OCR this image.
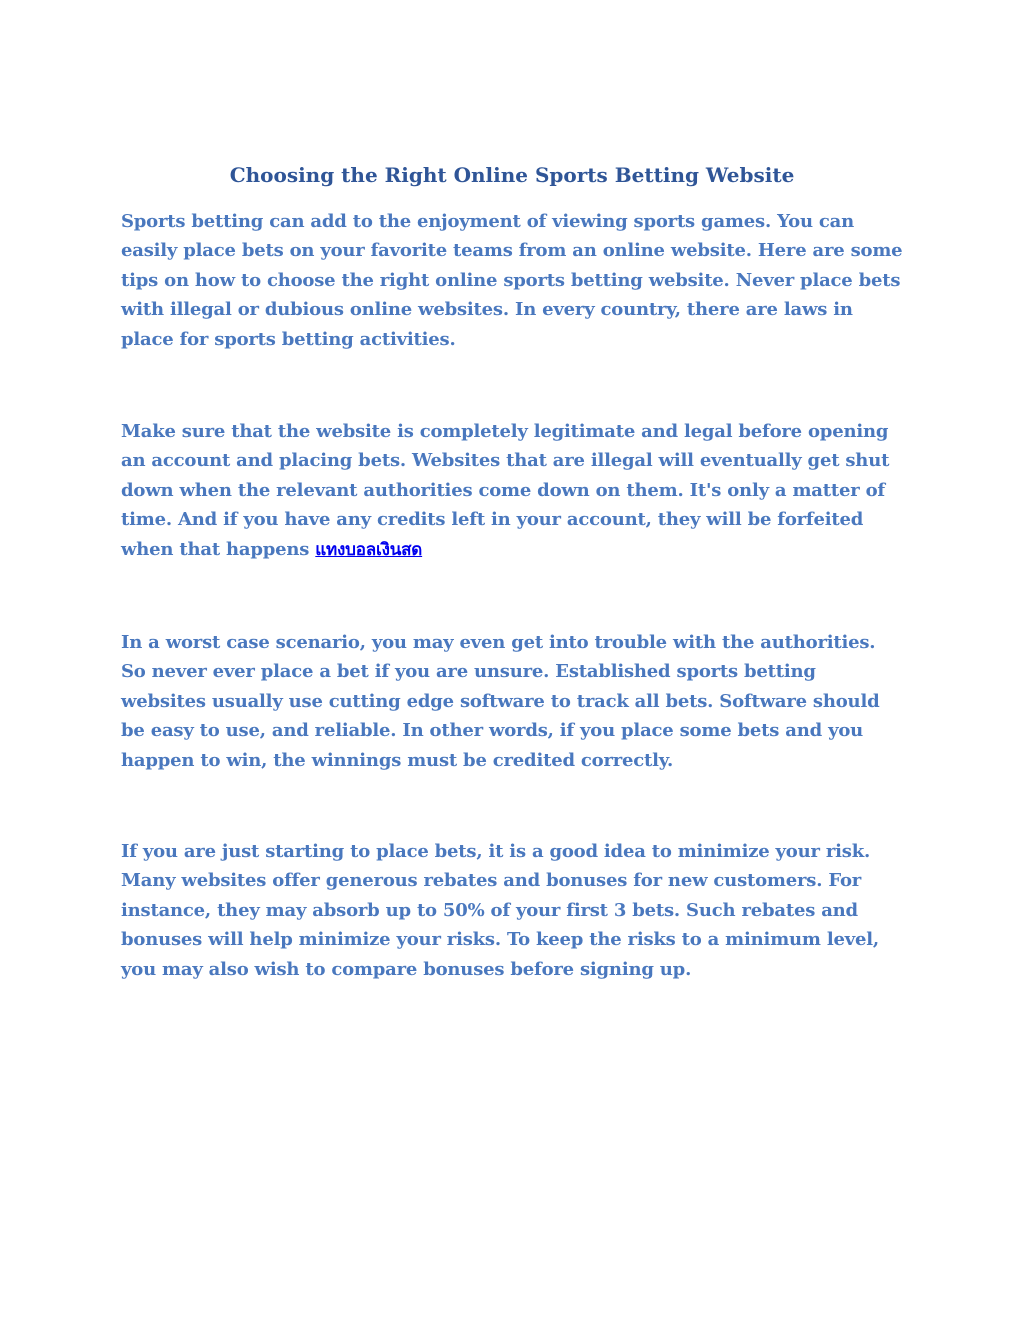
Choosing the Right Online Sports Betting Website

Sports betting can add to the enjoyment of viewing sports games. You can easily place bets on your favorite teams from an online website. Here are some tips on how to choose the right online sports betting website. Never place bets with illegal or dubious online websites. In every country, there are laws in place for sports betting activities.

Make sure that the website is completely legitimate and legal before opening an account and placing bets. Websites that are illegal will eventually get shut down when the relevant authorities come down on them. It's only a matter of time. And if you have any credits left in your account, they will be forfeited when that happens แทงบอลเงินสด

In a worst case scenario, you may even get into trouble with the authorities. So never ever place a bet if you are unsure. Established sports betting websites usually use cutting edge software to track all bets. Software should be easy to use, and reliable. In other words, if you place some bets and you happen to win, the winnings must be credited correctly.

If you are just starting to place bets, it is a good idea to minimize your risk. Many websites offer generous rebates and bonuses for new customers. For instance, they may absorb up to 50% of your first 3 bets. Such rebates and bonuses will help minimize your risks. To keep the risks to a minimum level, you may also wish to compare bonuses before signing up.
